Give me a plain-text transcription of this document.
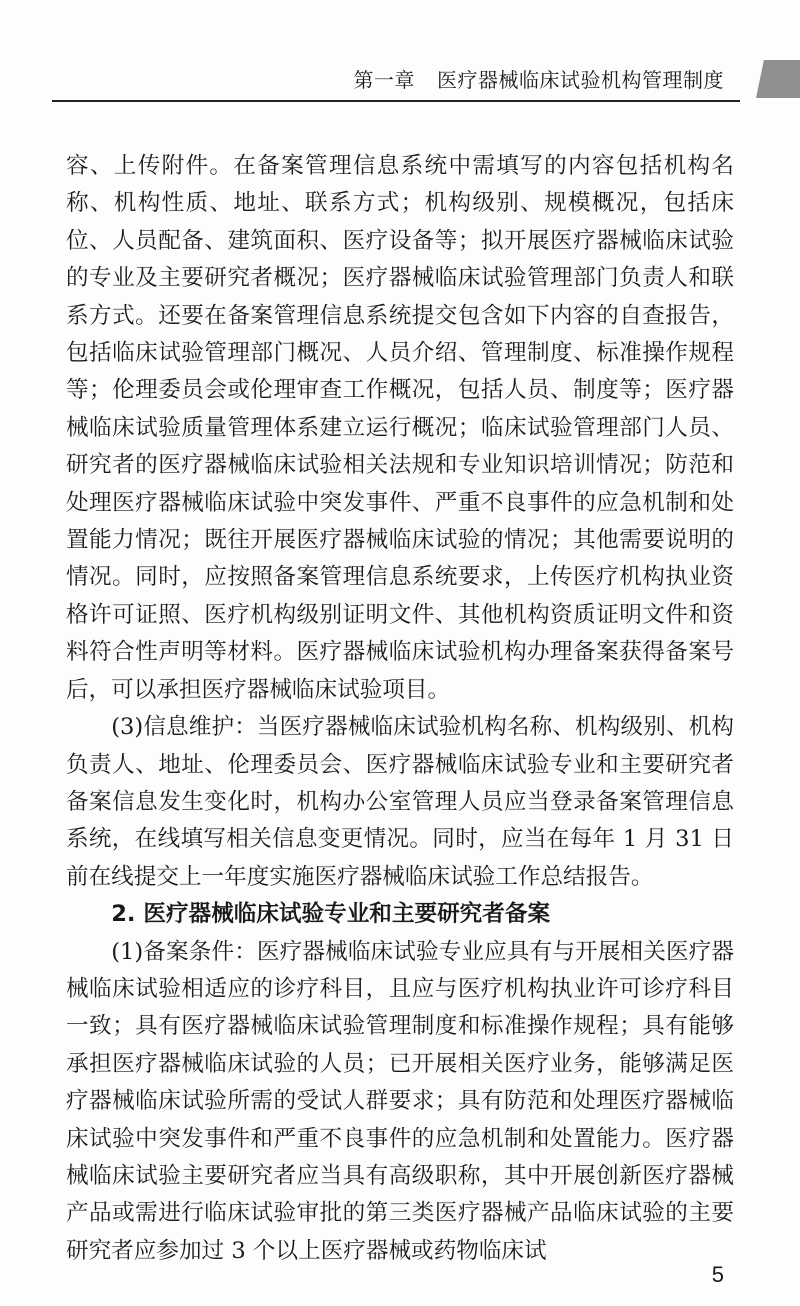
第一章 医疗器械临床试验机构管理制度

容、上传附件。在备案管理信息系统中需填写的内容包括机构名称、机构性质、地址、联系方式；机构级别、规模概况，包括床位、人员配备、建筑面积、医疗设备等；拟开展医疗器械临床试验的专业及主要研究者概况；医疗器械临床试验管理部门负责人和联系方式。还要在备案管理信息系统提交包含如下内容的自查报告，包括临床试验管理部门概况、人员介绍、管理制度、标准操作规程等；伦理委员会或伦理审查工作概况，包括人员、制度等；医疗器械临床试验质量管理体系建立运行概况；临床试验管理部门人员、研究者的医疗器械临床试验相关法规和专业知识培训情况；防范和处理医疗器械临床试验中突发事件、严重不良事件的应急机制和处置能力情况；既往开展医疗器械临床试验的情况；其他需要说明的情况。同时，应按照备案管理信息系统要求，上传医疗机构执业资格许可证照、医疗机构级别证明文件、其他机构资质证明文件和资料符合性声明等材料。医疗器械临床试验机构办理备案获得备案号后，可以承担医疗器械临床试验项目。

(3)信息维护：当医疗器械临床试验机构名称、机构级别、机构负责人、地址、伦理委员会、医疗器械临床试验专业和主要研究者备案信息发生变化时，机构办公室管理人员应当登录备案管理信息系统，在线填写相关信息变更情况。同时，应当在每年 1 月 31 日前在线提交上一年度实施医疗器械临床试验工作总结报告。

2. 医疗器械临床试验专业和主要研究者备案

(1)备案条件：医疗器械临床试验专业应具有与开展相关医疗器械临床试验相适应的诊疗科目，且应与医疗机构执业许可诊疗科目一致；具有医疗器械临床试验管理制度和标准操作规程；具有能够承担医疗器械临床试验的人员；已开展相关医疗业务，能够满足医疗器械临床试验所需的受试人群要求；具有防范和处理医疗器械临床试验中突发事件和严重不良事件的应急机制和处置能力。医疗器械临床试验主要研究者应当具有高级职称，其中开展创新医疗器械产品或需进行临床试验审批的第三类医疗器械产品临床试验的主要研究者应参加过 3 个以上医疗器械或药物临床试

5
